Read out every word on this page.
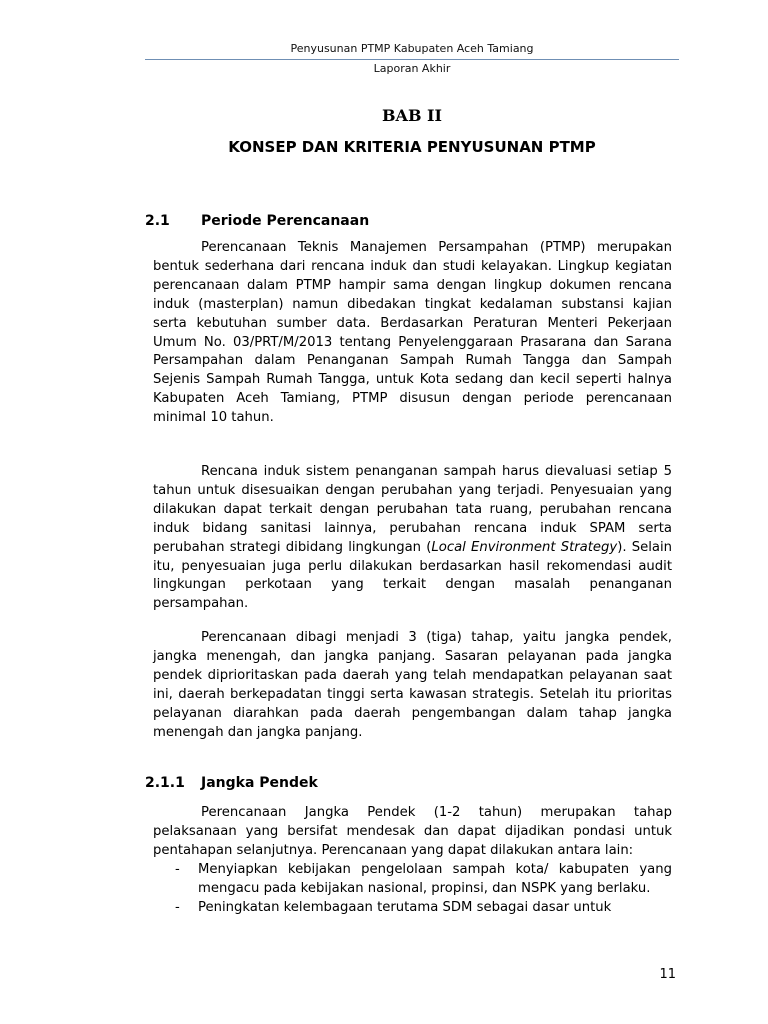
Penyusunan PTMP Kabupaten Aceh Tamiang
Laporan Akhir
BAB II
KONSEP DAN KRITERIA PENYUSUNAN PTMP
2.1 Periode Perencanaan

Perencanaan Teknis Manajemen Persampahan (PTMP) merupakan bentuk sederhana dari rencana induk dan studi kelayakan. Lingkup kegiatan perencanaan dalam PTMP hampir sama dengan lingkup dokumen rencana induk (masterplan) namun dibedakan tingkat kedalaman substansi kajian serta kebutuhan sumber data. Berdasarkan Peraturan Menteri Pekerjaan Umum No. 03/PRT/M/2013 tentang Penyelenggaraan Prasarana dan Sarana Persampahan dalam Penanganan Sampah Rumah Tangga dan Sampah Sejenis Sampah Rumah Tangga, untuk Kota sedang dan kecil seperti halnya Kabupaten Aceh Tamiang, PTMP disusun dengan periode perencanaan minimal 10 tahun.

Rencana induk sistem penanganan sampah harus dievaluasi setiap 5 tahun untuk disesuaikan dengan perubahan yang terjadi. Penyesuaian yang dilakukan dapat terkait dengan perubahan tata ruang, perubahan rencana induk bidang sanitasi lainnya, perubahan rencana induk SPAM serta perubahan strategi dibidang lingkungan (Local Environment Strategy). Selain itu, penyesuaian juga perlu dilakukan berdasarkan hasil rekomendasi audit lingkungan perkotaan yang terkait dengan masalah penanganan persampahan.

Perencanaan dibagi menjadi 3 (tiga) tahap, yaitu jangka pendek, jangka menengah, dan jangka panjang. Sasaran pelayanan pada jangka pendek diprioritaskan pada daerah yang telah mendapatkan pelayanan saat ini, daerah berkepadatan tinggi serta kawasan strategis. Setelah itu prioritas pelayanan diarahkan pada daerah pengembangan dalam tahap jangka menengah dan jangka panjang.

2.1.1 Jangka Pendek

Perencanaan Jangka Pendek (1-2 tahun) merupakan tahap pelaksanaan yang bersifat mendesak dan dapat dijadikan pondasi untuk pentahapan selanjutnya. Perencanaan yang dapat dilakukan antara lain:

- Menyiapkan kebijakan pengelolaan sampah kota/ kabupaten yang mengacu pada kebijakan nasional, propinsi, dan NSPK yang berlaku.
- Peningkatan kelembagaan terutama SDM sebagai dasar untuk
11
